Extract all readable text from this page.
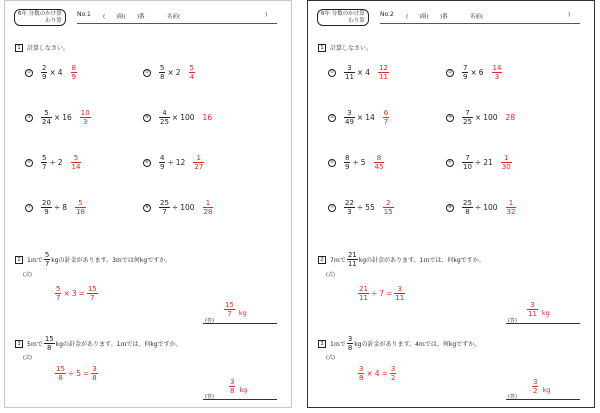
6年 分数のかけ算
わり算
No.1 (　　)組(　　)番	名前(	)
1	計算しなさい。
① $\frac{2}{9} \times 4 \frac{8}{9}$	② $\frac{5}{8} \times 2 \frac{5}{4}$
③ $\frac{5}{24} \times 16 \frac{10}{3}$	④ $\frac{4}{25} \times 100$ 16
⑤ $\frac{5}{7} \div 2 \frac{5}{14}$	⑥ $\frac{4}{9} \div 12 \frac{1}{27}$
⑦ $\frac{20}{9} \div 8 \frac{5}{18}$	⑧ $\frac{25}{7} \div 100 \frac{1}{28}$
2	1ｍで $\frac{5}{7}$ kgの針金があります。3ｍでは何kgですか。
(式)
$\frac{5}{7} \times 3 = \frac{15}{7}$
(答)
$\frac{15}{7}$ kg
3	5ｍで $\frac{15}{8}$ kgの針金があります。1ｍでは、何kgですか。
(式)
$\frac{15}{8} \div 5 = \frac{3}{8}$
(答)
$\frac{3}{8}$ kg
6年 分数のかけ算
わり算
No.2 (　　)組(　　)番	名前(	)
1	計算しなさい。
① $\frac{3}{11} \times 4 \frac{12}{11}$	② $\frac{7}{9} \times 6 \frac{14}{3}$
③ $\frac{3}{49} \times 14 \frac{6}{7}$	④ $\frac{7}{25} \times 100$ 28
⑤ $\frac{8}{9} \div 5 \frac{8}{45}$	⑥ $\frac{7}{10} \div 21 \frac{1}{30}$
⑦ $\frac{22}{3} \div 55 \frac{2}{15}$	⑧ $\frac{25}{8} \div 100 \frac{1}{32}$
2	7ｍで $\frac{21}{11}$ kgの針金があります。1ｍでは、何kgですか。
(式)
$\frac{21}{11} \div 7 = \frac{3}{11}$
(答)
$\frac{3}{11}$ kg
3	1ｍで $\frac{3}{8}$ kgの針金があります。4ｍでは、何kgですか。
(式)
$\frac{3}{8} \times 4 = \frac{3}{2}$
(答)
$\frac{3}{2}$ kg
